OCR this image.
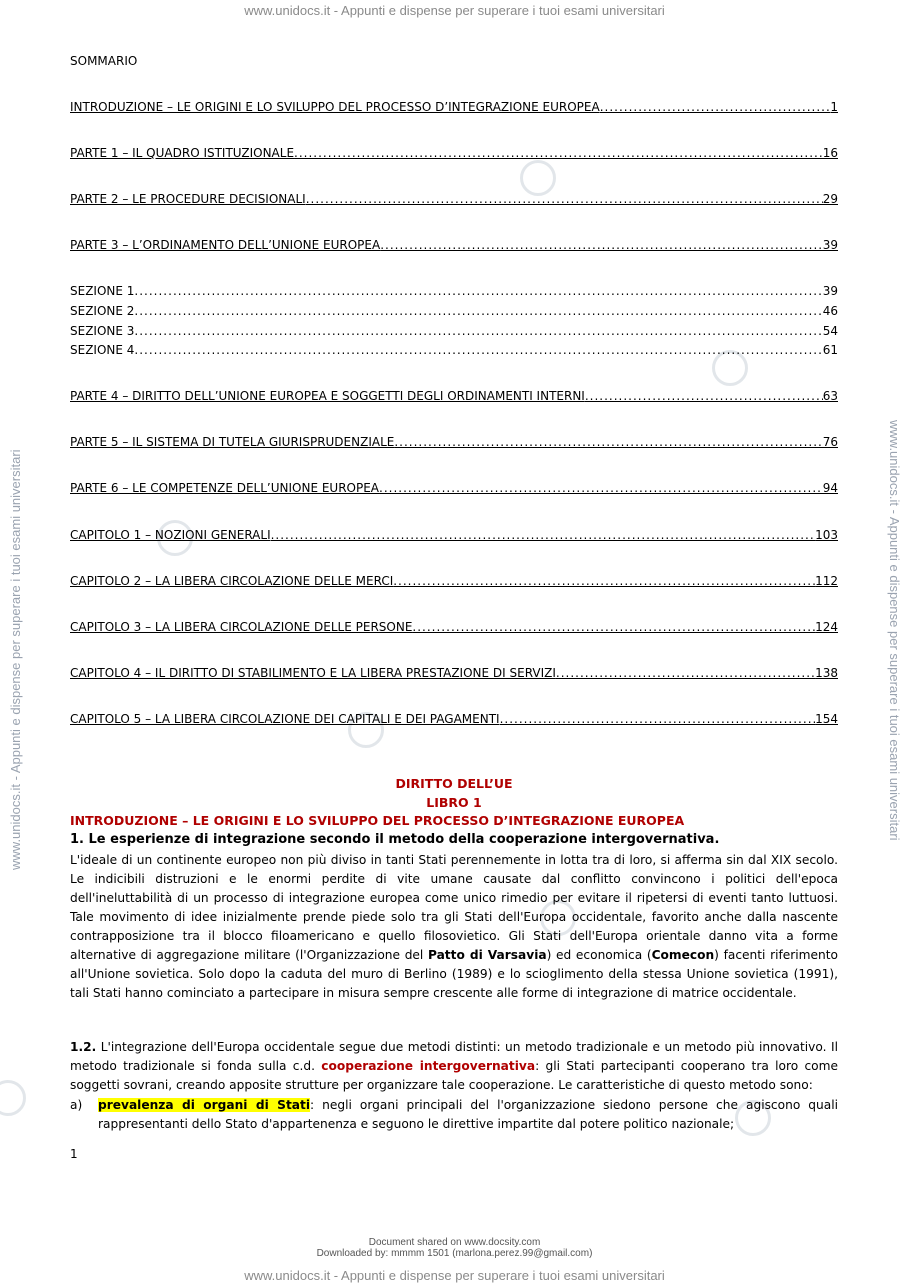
www.unidocs.it - Appunti e dispense per superare i tuoi esami universitari
www.unidocs.it - Appunti e dispense per superare i tuoi esami universitari
www.unidocs.it - Appunti e dispense per superare i tuoi esami universitari	www.unidocs.it - Appunti e dispense per superare i tuoi esami universitari
SOMMARIO
INTRODUZIONE – LE ORIGINI E LO SVILUPPO DEL PROCESSO D’INTEGRAZIONE EUROPEA .....	1
PARTE 1 – IL QUADRO ISTITUZIONALE .....	16
PARTE 2 – LE PROCEDURE DECISIONALI .....	29
PARTE 3 – L’ORDINAMENTO DELL’UNIONE EUROPEA .....	39
SEZIONE 1 .....	39
SEZIONE 2 .....	46
SEZIONE 3 .....	54
SEZIONE 4 .....	61
PARTE 4 – DIRITTO DELL’UNIONE EUROPEA E SOGGETTI DEGLI ORDINAMENTI INTERNI .....	63
PARTE 5 – IL SISTEMA DI TUTELA GIURISPRUDENZIALE .....	76
PARTE 6 – LE COMPETENZE DELL’UNIONE EUROPEA .....	94
CAPITOLO 1 – NOZIONI GENERALI .....	103
CAPITOLO 2 – LA LIBERA CIRCOLAZIONE DELLE MERCI .....	112
CAPITOLO 3 – LA LIBERA CIRCOLAZIONE DELLE PERSONE .....	124
CAPITOLO 4 – IL DIRITTO DI STABILIMENTO E LA LIBERA PRESTAZIONE DI SERVIZI .....	138
CAPITOLO 5 – LA LIBERA CIRCOLAZIONE DEI CAPITALI E DEI PAGAMENTI .....	154
DIRITTO DELL’UE
LIBRO 1
INTRODUZIONE – LE ORIGINI E LO SVILUPPO DEL PROCESSO D’INTEGRAZIONE EUROPEA
1. Le esperienze di integrazione secondo il metodo della cooperazione intergovernativa.
L'ideale di un continente europeo non più diviso in tanti Stati perennemente in lotta tra di loro, si afferma sin dal XIX secolo. Le indicibili distruzioni e le enormi perdite di vite umane causate dal conflitto convincono i politici dell'epoca dell'ineluttabilità di un processo di integrazione europea come unico rimedio per evitare il ripetersi di eventi tanto luttuosi. Tale movimento di idee inizialmente prende piede solo tra gli Stati dell'Europa occidentale, favorito anche dalla nascente contrapposizione tra il blocco filoamericano e quello filosovietico. Gli Stati dell'Europa orientale danno vita a forme alternative di aggregazione militare (l'Organizzazione del Patto di Varsavia) ed economica (Comecon) facenti riferimento all'Unione sovietica. Solo dopo la caduta del muro di Berlino (1989) e lo scioglimento della stessa Unione sovietica (1991), tali Stati hanno cominciato a partecipare in misura sempre crescente alle forme di integrazione di matrice occidentale.
1.2. L'integrazione dell'Europa occidentale segue due metodi distinti: un metodo tradizionale e un metodo più innovativo. Il metodo tradizionale si fonda sulla c.d. cooperazione intergovernativa: gli Stati partecipanti cooperano tra loro come soggetti sovrani, creando apposite strutture per organizzare tale cooperazione. Le caratteristiche di questo metodo sono:
a) prevalenza di organi di Stati: negli organi principali del l'organizzazione siedono persone che agiscono quali rappresentanti dello Stato d'appartenenza e seguono le direttive impartite dal potere politico nazionale;
1
Document shared on www.docsity.com
Downloaded by: mmmm 1501 (marlona.perez.99@gmail.com)
